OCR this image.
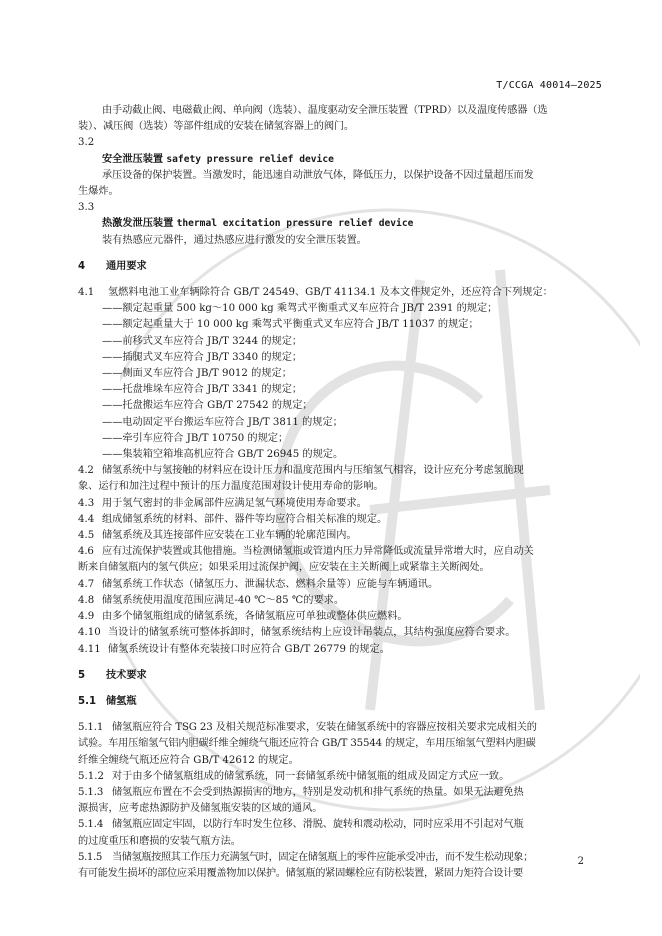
T/CCGA 40014—2025
由手动截止阀、电磁截止阀、单向阀（选装）、温度驱动安全泄压装置（TPRD）以及温度传感器（选
装）、减压阀（选装）等部件组成的安装在储氢容器上的阀门。
3.2
安全泄压装置 safety pressure relief device
承压设备的保护装置。当激发时，能迅速自动泄放气体，降低压力，以保护设备不因过量超压而发
生爆炸。
3.3
热激发泄压装置 thermal excitation pressure relief device
装有热感应元器件，通过热感应进行激发的安全泄压装置。
4 通用要求
4.1 氢燃料电池工业车辆除符合 GB/T 24549、GB/T 41134.1 及本文件规定外，还应符合下列规定：
——额定起重量 500 kg～10 000 kg 乘驾式平衡重式叉车应符合 JB/T 2391 的规定；
——额定起重量大于 10 000 kg 乘驾式平衡重式叉车应符合 JB/T 11037 的规定；
——前移式叉车应符合 JB/T 3244 的规定；
——插腿式叉车应符合 JB/T 3340 的规定；
——侧面叉车应符合 JB/T 9012 的规定；
——托盘堆垛车应符合 JB/T 3341 的规定；
——托盘搬运车应符合 GB/T 27542 的规定；
——电动固定平台搬运车应符合 JB/T 3811 的规定；
——牵引车应符合 JB/T 10750 的规定；
——集装箱空箱堆高机应符合 GB/T 26945 的规定。
4.2 储氢系统中与氢接触的材料应在设计压力和温度范围内与压缩氢气相容，设计应充分考虑氢脆现
象、运行和加注过程中预计的压力温度范围对设计使用寿命的影响。
4.3 用于氢气密封的非金属部件应满足氢气环境使用寿命要求。
4.4 组成储氢系统的材料、部件、器件等均应符合相关标准的规定。
4.5 储氢系统及其连接部件应安装在工业车辆的轮廓范围内。
4.6 应有过流保护装置或其他措施。当检测储氢瓶或管道内压力异常降低或流量异常增大时，应自动关
断来自储氢瓶内的氢气供应；如果采用过流保护阀，应安装在主关断阀上或紧靠主关断阀处。
4.7 储氢系统工作状态（储氢压力、泄漏状态、燃料余量等）应能与车辆通讯。
4.8 储氢系统使用温度范围应满足-40 ℃～85 ℃的要求。
4.9 由多个储氢瓶组成的储氢系统，各储氢瓶应可单独或整体供应燃料。
4.10 当设计的储氢系统可整体拆卸时，储氢系统结构上应设计吊装点，其结构强度应符合要求。
4.11 储氢系统设计有整体充装接口时应符合 GB/T 26779 的规定。
5 技术要求
5.1 储氢瓶
5.1.1 储氢瓶应符合 TSG 23 及相关规范标准要求，安装在储氢系统中的容器应按相关要求完成相关的
试验。车用压缩氢气铝内胆碳纤维全缠绕气瓶还应符合 GB/T 35544 的规定，车用压缩氢气塑料内胆碳
纤维全缠绕气瓶还应符合 GB/T 42612 的规定。
5.1.2 对于由多个储氢瓶组成的储氢系统，同一套储氢系统中储氢瓶的组成及固定方式应一致。
5.1.3 储氢瓶应布置在不会受到热源损害的地方，特别是发动机和排气系统的热量。如果无法避免热
源损害，应考虑热源防护及储氢瓶安装的区域的通风。
5.1.4 储氢瓶应固定牢固，以防行车时发生位移、滑脱、旋转和震动松动，同时应采用不引起对气瓶
的过度重压和磨损的安装气瓶方法。
5.1.5 当储氢瓶按照其工作压力充满氢气时，固定在储氢瓶上的零件应能承受冲击，而不发生松动现象；
有可能发生损坏的部位应采用覆盖物加以保护。储氢瓶的紧固螺栓应有防松装置，紧固力矩符合设计要
2
